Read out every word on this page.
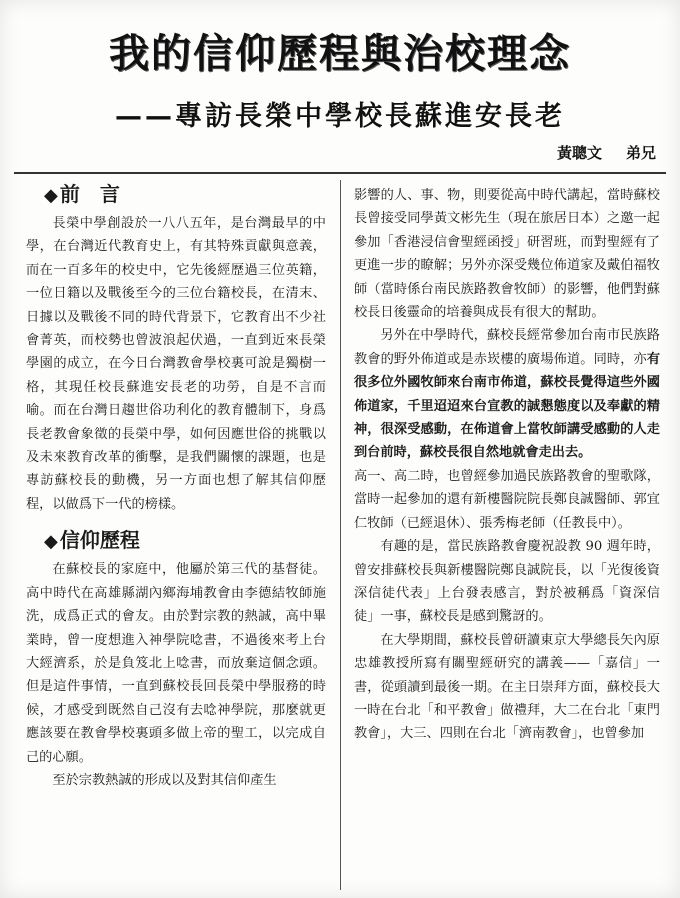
我的信仰歷程與治校理念
——專訪長榮中學校長蘇進安長老
黃聰文 弟兄
◆ 前　言

長榮中學創設於一八八五年，是台灣最早的中學，在台灣近代教育史上，有其特殊貢獻與意義，而在一百多年的校史中，它先後經歷過三位英籍，一位日籍以及戰後至今的三位台籍校長，在清末、日據以及戰後不同的時代背景下，它教育出不少社會菁英，而校勢也曾波浪起伏過，一直到近來長榮學園的成立，在今日台灣教會學校裏可說是獨樹一格，其現任校長蘇進安長老的功勞，自是不言而喻。而在台灣日趨世俗功利化的教育體制下，身爲長老教會象徵的長榮中學，如何因應世俗的挑戰以及未來教育改革的衝擊，是我們關懷的課題，也是專訪蘇校長的動機，另一方面也想了解其信仰歷程，以做爲下一代的榜樣。

◆ 信仰歷程

在蘇校長的家庭中，他屬於第三代的基督徒。高中時代在高雄縣湖內鄉海埔教會由李德結牧師施洗，成爲正式的會友。由於對宗教的熱誠，高中畢業時，曾一度想進入神學院唸書，不過後來考上台大經濟系，於是負笈北上唸書，而放棄這個念頭。但是這件事情，一直到蘇校長回長榮中學服務的時候，才感受到既然自己沒有去唸神學院，那麼就更應該要在教會學校裏頭多做上帝的聖工，以完成自己的心願。

至於宗教熱誠的形成以及對其信仰產生

影響的人、事、物，則要從高中時代講起，當時蘇校長曾接受同學黃文彬先生（現在旅居日本）之邀一起參加「香港浸信會聖經函授」研習班，而對聖經有了更進一步的瞭解；另外亦深受幾位佈道家及戴伯福牧師（當時係台南民族路教會牧師）的影響，他們對蘇校長日後靈命的培養與成長有很大的幫助。

另外在中學時代，蘇校長經常參加台南市民族路教會的野外佈道或是赤崁樓的廣場佈道。同時，亦有很多位外國牧師來台南市佈道，蘇校長覺得這些外國佈道家，千里迢迢來台宣教的誠懇態度以及奉獻的精神，很深受感動，在佈道會上當牧師講受感動的人走到台前時，蘇校長很自然地就會走出去。

高一、高二時，也曾經參加過民族路教會的聖歌隊，當時一起參加的還有新樓醫院院長鄭良誠醫師、郭宜仁牧師（已經退休）、張秀梅老師（任教長中）。

有趣的是，當民族路教會慶祝設教 90 週年時，曾安排蘇校長與新樓醫院鄭良誠院長，以「光復後資深信徒代表」上台發表感言，對於被稱爲「資深信徒」一事，蘇校長是感到驚訝的。

在大學期間，蘇校長曾研讀東京大學總長矢內原忠雄教授所寫有關聖經研究的講義——「嘉信」一書，從頭讀到最後一期。在主日崇拜方面，蘇校長大一時在台北「和平教會」做禮拜，大二在台北「東門教會」，大三、四則在台北「濟南教會」，也曾參加
